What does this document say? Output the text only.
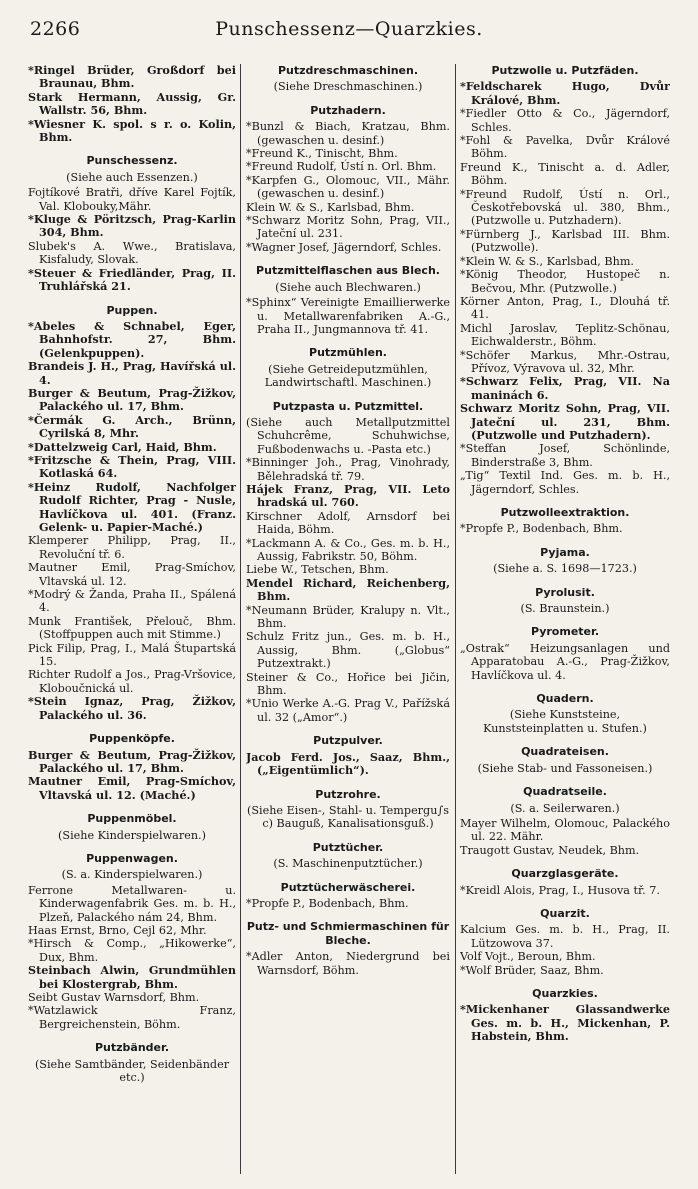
2266	Punschessenz—Quarzkies.
*Ringel Brüder, Großdorf bei Braunau, Bhm.
Stark Hermann, Aussig, Gr. Wallstr. 56, Bhm.
*Wiesner K. spol. s r. o. Kolin, Bhm.
Punschessenz.
(Siehe auch Essenzen.)
Fojtíkové Bratři, dříve Karel Fojtík, Val. Klobouky,Mähr.
*Kluge & Pöritzsch, Prag-Karlin 304, Bhm.
Slubek's A. Wwe., Bratislava, Kisfaludy, Slovak.
*Steuer & Friedländer, Prag, II. Truhlářská 21.
Puppen.
*Abeles & Schnabel, Eger, Bahnhofstr. 27, Bhm. (Gelenkpuppen).
Brandeis J. H., Prag, Havířská ul. 4.
Burger & Beutum, Prag-Žižkov, Palackého ul. 17, Bhm.
*Čermák G. Arch., Brünn, Cyrilská 8, Mhr.
*Dattelzweig Carl, Haid, Bhm.
*Fritzsche & Thein, Prag, VIII. Kotlaská 64.
*Heinz Rudolf, Nachfolger Rudolf Richter, Prag - Nusle, Havlíčkova ul. 401. (Franz. Gelenk- u. Papier-Maché.)
Klemperer Philipp, Prag, II., Revoluční tř. 6.
Mautner Emil, Prag-Smíchov, Vltavská ul. 12.
*Modrý & Žanda, Praha II., Spálená 4.
Munk František, Přelouč, Bhm. (Stoffpuppen auch mit Stimme.)
Pick Filip, Prag, I., Malá Štupartská 15.
Richter Rudolf a Jos., Prag-Vršovice, Kloboučnická ul.
*Stein Ignaz, Prag, Žižkov, Palackého ul. 36.
Puppenköpfe.
Burger & Beutum, Prag-Žižkov, Palackého ul. 17, Bhm.
Mautner Emil, Prag-Smíchov, Vltavská ul. 12. (Maché.)
Puppenmöbel.
(Siehe Kinderspielwaren.)
Puppenwagen.
(S. a. Kinderspielwaren.)
Ferrone Metallwaren- u. Kinderwagenfabrik Ges. m. b. H., Plzeň, Palackého nám 24, Bhm.
Haas Ernst, Brno, Cejl 62, Mhr.
*Hirsch & Comp., „Hikowerke“, Dux, Bhm.
Steinbach Alwin, Grundmühlen bei Klostergrab, Bhm.
Seibt Gustav Warnsdorf, Bhm.
*Watzlawick Franz, Bergreichenstein, Böhm.
Putzbänder.
(Siehe Samtbänder, Seidenbänder etc.)
Putzdreschmaschinen.
(Siehe Dreschmaschinen.)
Putzhadern.
*Bunzl & Biach, Kratzau, Bhm. (gewaschen u. desinf.)
*Freund K., Tinischt, Bhm.
*Freund Rudolf, Ústí n. Orl. Bhm.
*Karpfen G., Olomouc, VII., Mähr. (gewaschen u. desinf.)
Klein W. & S., Karlsbad, Bhm.
*Schwarz Moritz Sohn, Prag, VII., Jateční ul. 231.
*Wagner Josef, Jägerndorf, Schles.
Putzmittelflaschen aus Blech.
(Siehe auch Blechwaren.)
*Sphinx“ Vereinigte Emaillierwerke u. Metallwarenfabriken A.-G., Praha II., Jungmannova tř. 41.
Putzmühlen.
(Siehe Getreideputzmühlen, Landwirtschaftl. Maschinen.)
Putzpasta u. Putzmittel.
(Siehe auch Metallputzmittel Schuhcrême, Schuhwichse, Fußbodenwachs u. -Pasta etc.)
*Binninger Joh., Prag, Vinohrady, Bělehradská tř. 79.
Hájek Franz, Prag, VII. Leto hradská ul. 760.
Kirschner Adolf, Arnsdorf bei Haida, Böhm.
*Lackmann A. & Co., Ges. m. b. H., Aussig, Fabrikstr. 50, Böhm.
Liebe W., Tetschen, Bhm.
Mendel Richard, Reichenberg, Bhm.
*Neumann Brüder, Kralupy n. Vlt., Bhm.
Schulz Fritz jun., Ges. m. b. H., Aussig, Bhm. („Globus“ Putzextrakt.)
Steiner & Co., Hořice bei Jičin, Bhm.
*Unio Werke A.-G. Prag V., Pařížská ul. 32 („Amor“.)
Putzpulver.
Jacob Ferd. Jos., Saaz, Bhm., („Eigentümlich“).
Putzrohre.
(Siehe Eisen-, Stahl- u. Tempergu∫s c) Bauguß, Kanalisationsguß.)
Putztücher.
(S. Maschinenputztücher.)
Putztücherwäscherei.
*Propfe P., Bodenbach, Bhm.
Putz- und Schmiermaschinen für Bleche.
*Adler Anton, Niedergrund bei Warnsdorf, Böhm.
Putzwolle u. Putzfäden.
*Feldscharek Hugo, Dvůr Králové, Bhm.
*Fiedler Otto & Co., Jägerndorf, Schles.
*Fohl & Pavelka, Dvůr Králové Böhm.
Freund K., Tinischt a. d. Adler, Böhm.
*Freund Rudolf, Ústí n. Orl., Českotřebovská ul. 380, Bhm., (Putzwolle u. Putzhadern).
*Fürnberg J., Karlsbad III. Bhm. (Putzwolle).
*Klein W. & S., Karlsbad, Bhm.
*König Theodor, Hustopeč n. Bečvou, Mhr. (Putzwolle.)
Körner Anton, Prag, I., Dlouhá tř. 41.
Michl Jaroslav, Teplitz-Schönau, Eichwalderstr., Böhm.
*Schöfer Markus, Mhr.-Ostrau, Přívoz, Výravova ul. 32, Mhr.
*Schwarz Felix, Prag, VII. Na maninách 6.
Schwarz Moritz Sohn, Prag, VII. Jateční ul. 231, Bhm. (Putzwolle und Putzhadern).
*Steffan Josef, Schönlinde, Binderstraße 3, Bhm.
„Tig“ Textil Ind. Ges. m. b. H., Jägerndorf, Schles.
Putzwolleextraktion.
*Propfe P., Bodenbach, Bhm.
Pyjama.
(Siehe a. S. 1698—1723.)
Pyrolusit.
(S. Braunstein.)
Pyrometer.
„Ostrak“ Heizungsanlagen und Apparatobau A.-G., Prag-Žižkov, Havlíčkova ul. 4.
Quadern.
(Siehe Kunststeine, Kunststeinplatten u. Stufen.)
Quadrateisen.
(Siehe Stab- und Fassoneisen.)
Quadratseile.
(S. a. Seilerwaren.)
Mayer Wilhelm, Olomouc, Palackého ul. 22. Mähr.
Traugott Gustav, Neudek, Bhm.
Quarzglasgeräte.
*Kreidl Alois, Prag, I., Husova tř. 7.
Quarzit.
Kalcium Ges. m. b. H., Prag, II. Lützowova 37.
Volf Vojt., Beroun, Bhm.
*Wolf Brüder, Saaz, Bhm.
Quarzkies.
*Mickenhaner Glassandwerke Ges. m. b. H., Mickenhan, P. Habstein, Bhm.
